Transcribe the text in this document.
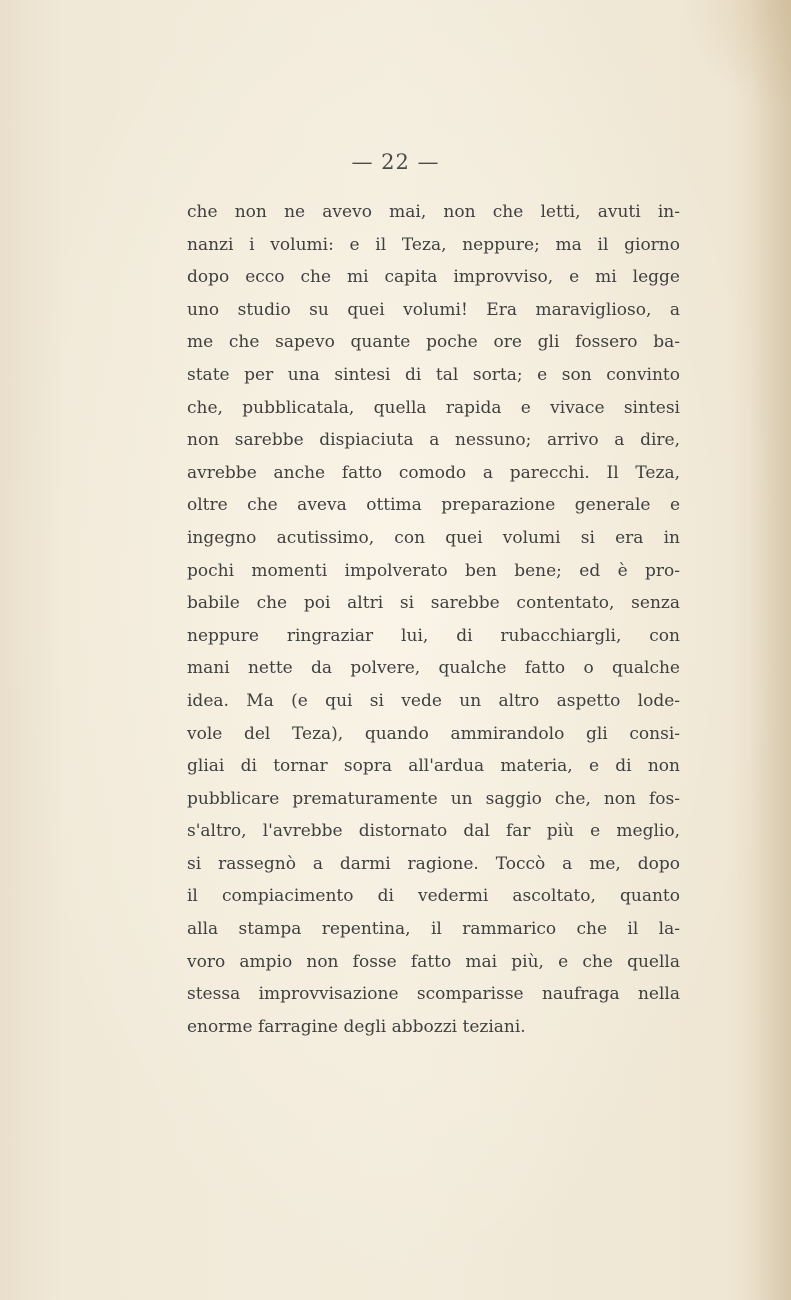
— 22 —
che non ne avevo mai, non che letti, avuti in-
nanzi i volumi: e il Teza, neppure; ma il giorno
dopo ecco che mi capita improvviso, e mi legge
uno studio su quei volumi! Era maraviglioso, a
me che sapevo quante poche ore gli fossero ba-
state per una sintesi di tal sorta; e son convinto
che, pubblicatala, quella rapida e vivace sintesi
non sarebbe dispiaciuta a nessuno; arrivo a dire,
avrebbe anche fatto comodo a parecchi. Il Teza,
oltre che aveva ottima preparazione generale e
ingegno acutissimo, con quei volumi si era in
pochi momenti impolverato ben bene; ed è pro-
babile che poi altri si sarebbe contentato, senza
neppure ringraziar lui, di rubacchiargli, con
mani nette da polvere, qualche fatto o qualche
idea. Ma (e qui si vede un altro aspetto lode-
vole del Teza), quando ammirandolo gli consi-
gliai di tornar sopra all'ardua materia, e di non
pubblicare prematuramente un saggio che, non fos-
s'altro, l'avrebbe distornato dal far più e meglio,
si rassegnò a darmi ragione. Toccò a me, dopo
il compiacimento di vedermi ascoltato, quanto
alla stampa repentina, il rammarico che il la-
voro ampio non fosse fatto mai più, e che quella
stessa improvvisazione scomparisse naufraga nella
enorme farragine degli abbozzi teziani.
